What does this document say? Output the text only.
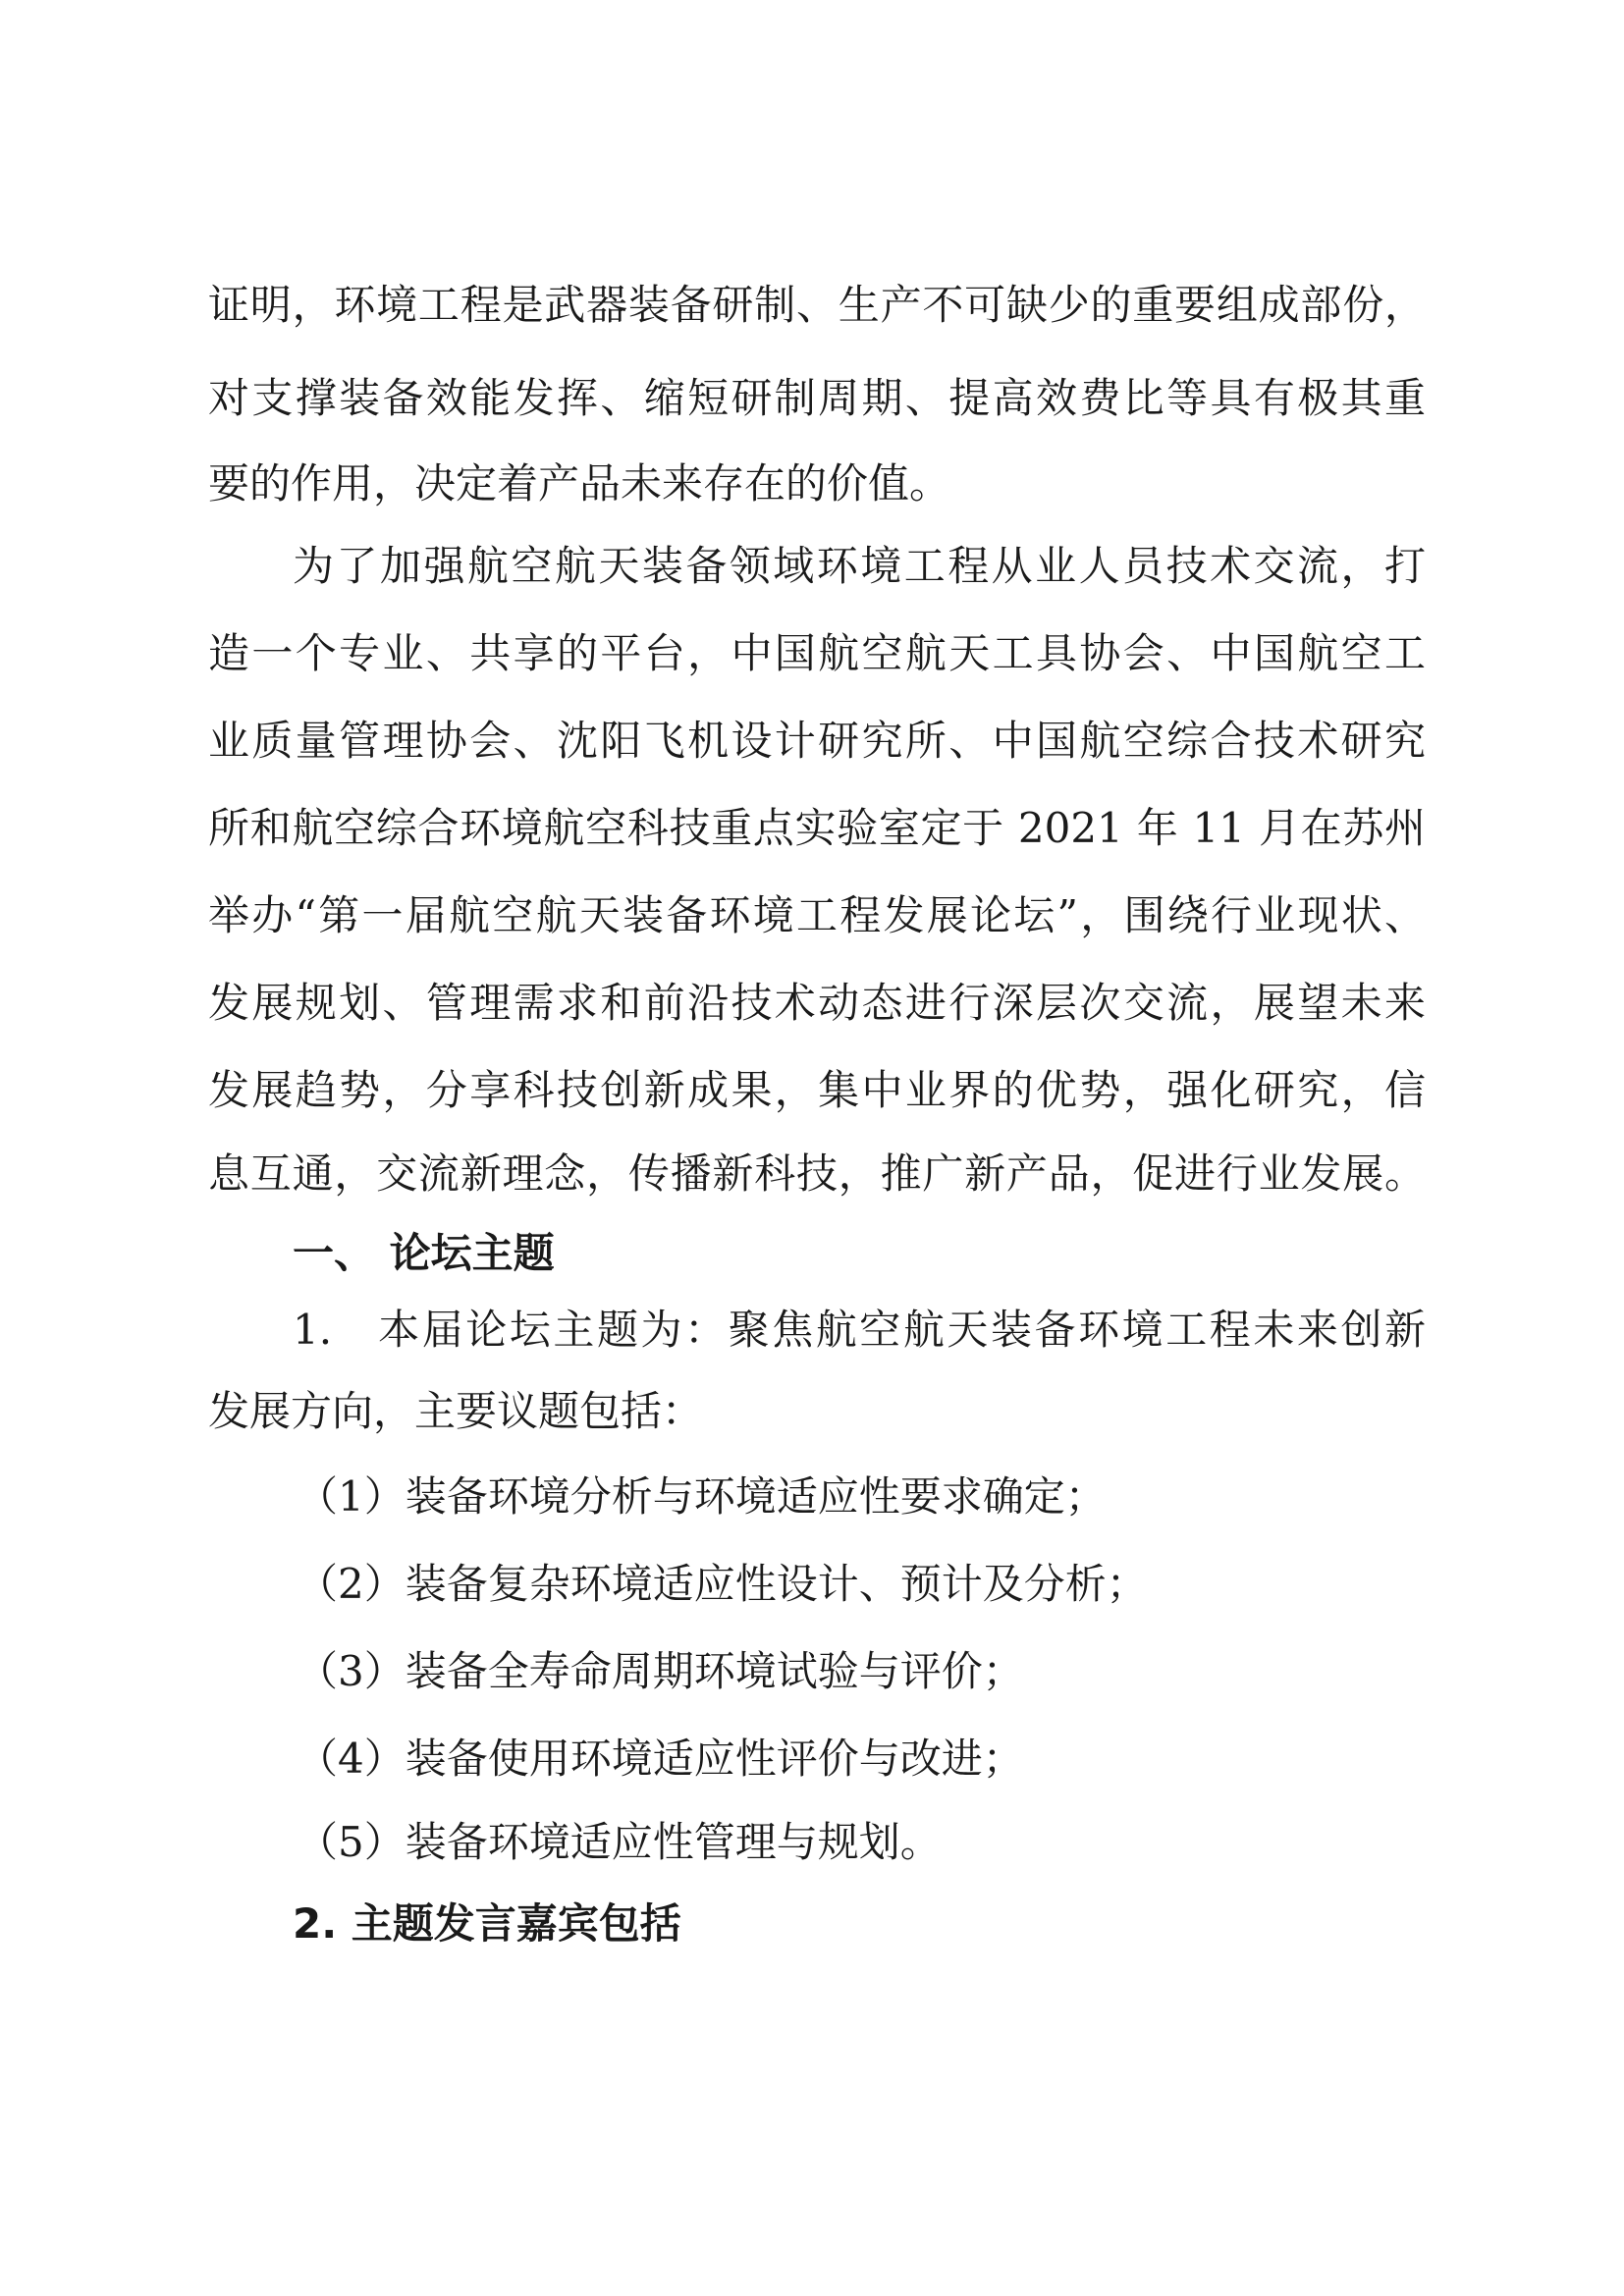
证明，环境工程是武器装备研制、生产不可缺少的重要组成部份，
对支撑装备效能发挥、缩短研制周期、提高效费比等具有极其重
要的作用，决定着产品未来存在的价值。
为了加强航空航天装备领域环境工程从业人员技术交流，打
造一个专业、共享的平台，中国航空航天工具协会、中国航空工
业质量管理协会、沈阳飞机设计研究所、中国航空综合技术研究
所和航空综合环境航空科技重点实验室定于 2021 年 11 月在苏州
举办“第一届航空航天装备环境工程发展论坛”，围绕行业现状、
发展规划、管理需求和前沿技术动态进行深层次交流，展望未来
发展趋势，分享科技创新成果，集中业界的优势，强化研究，信
息互通，交流新理念，传播新科技，推广新产品，促进行业发展。
一、 论坛主题
1.　本届论坛主题为：聚焦航空航天装备环境工程未来创新
发展方向，主要议题包括：
（1）装备环境分析与环境适应性要求确定；
（2）装备复杂环境适应性设计、预计及分析；
（3）装备全寿命周期环境试验与评价；
（4）装备使用环境适应性评价与改进；
（5）装备环境适应性管理与规划。
2. 主题发言嘉宾包括
